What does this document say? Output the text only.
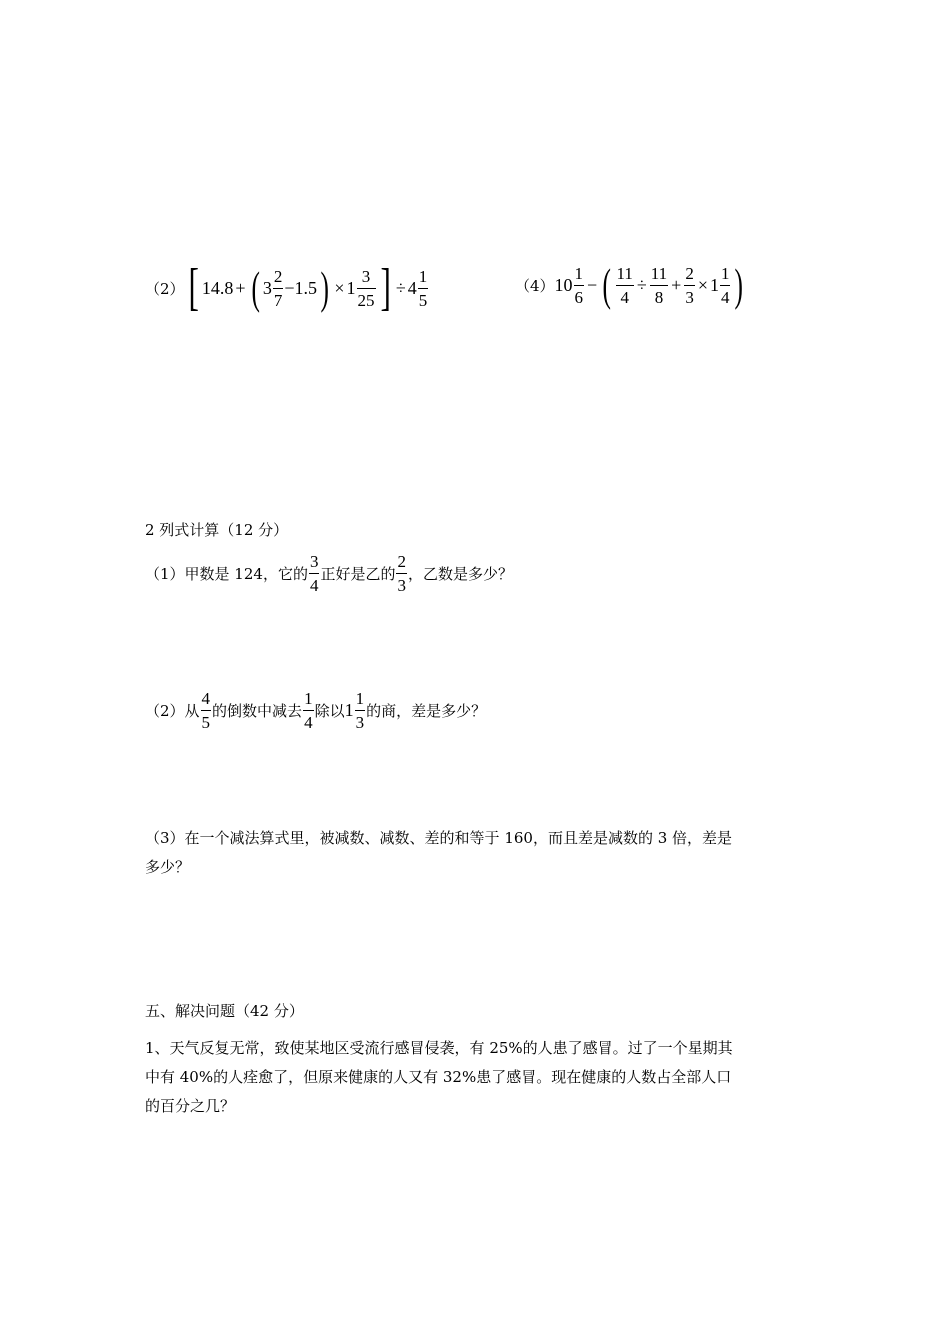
（2） [ 14.8 + ( $3 \frac{2}{7} -1.5$ ) × $1 \frac{3}{25}$ ] ÷ $4 \frac{1}{5}$	（4） $10 \frac{1}{6}$ − ( $\frac{11}{4} \div \frac{11}{8} + \frac{2}{3} \times 1 \frac{1}{4}$ )
2 列式计算（12 分）
（1）甲数是 124，它的 $\frac{3}{4}$ 正好是乙的 $\frac{2}{3}$ ，乙数是多少？
（2）从 $\frac{4}{5}$ 的倒数中减去 $\frac{1}{4}$ 除以 $1 \frac{1}{3}$ 的商，差是多少？
（3）在一个减法算式里，被减数、减数、差的和等于 160，而且差是减数的 3 倍，差是
多少？
五、解决问题（42 分）
1、天气反复无常，致使某地区受流行感冒侵袭，有 25%的人患了感冒。过了一个星期其
中有 40%的人痊愈了，但原来健康的人又有 32%患了感冒。现在健康的人数占全部人口
的百分之几？
